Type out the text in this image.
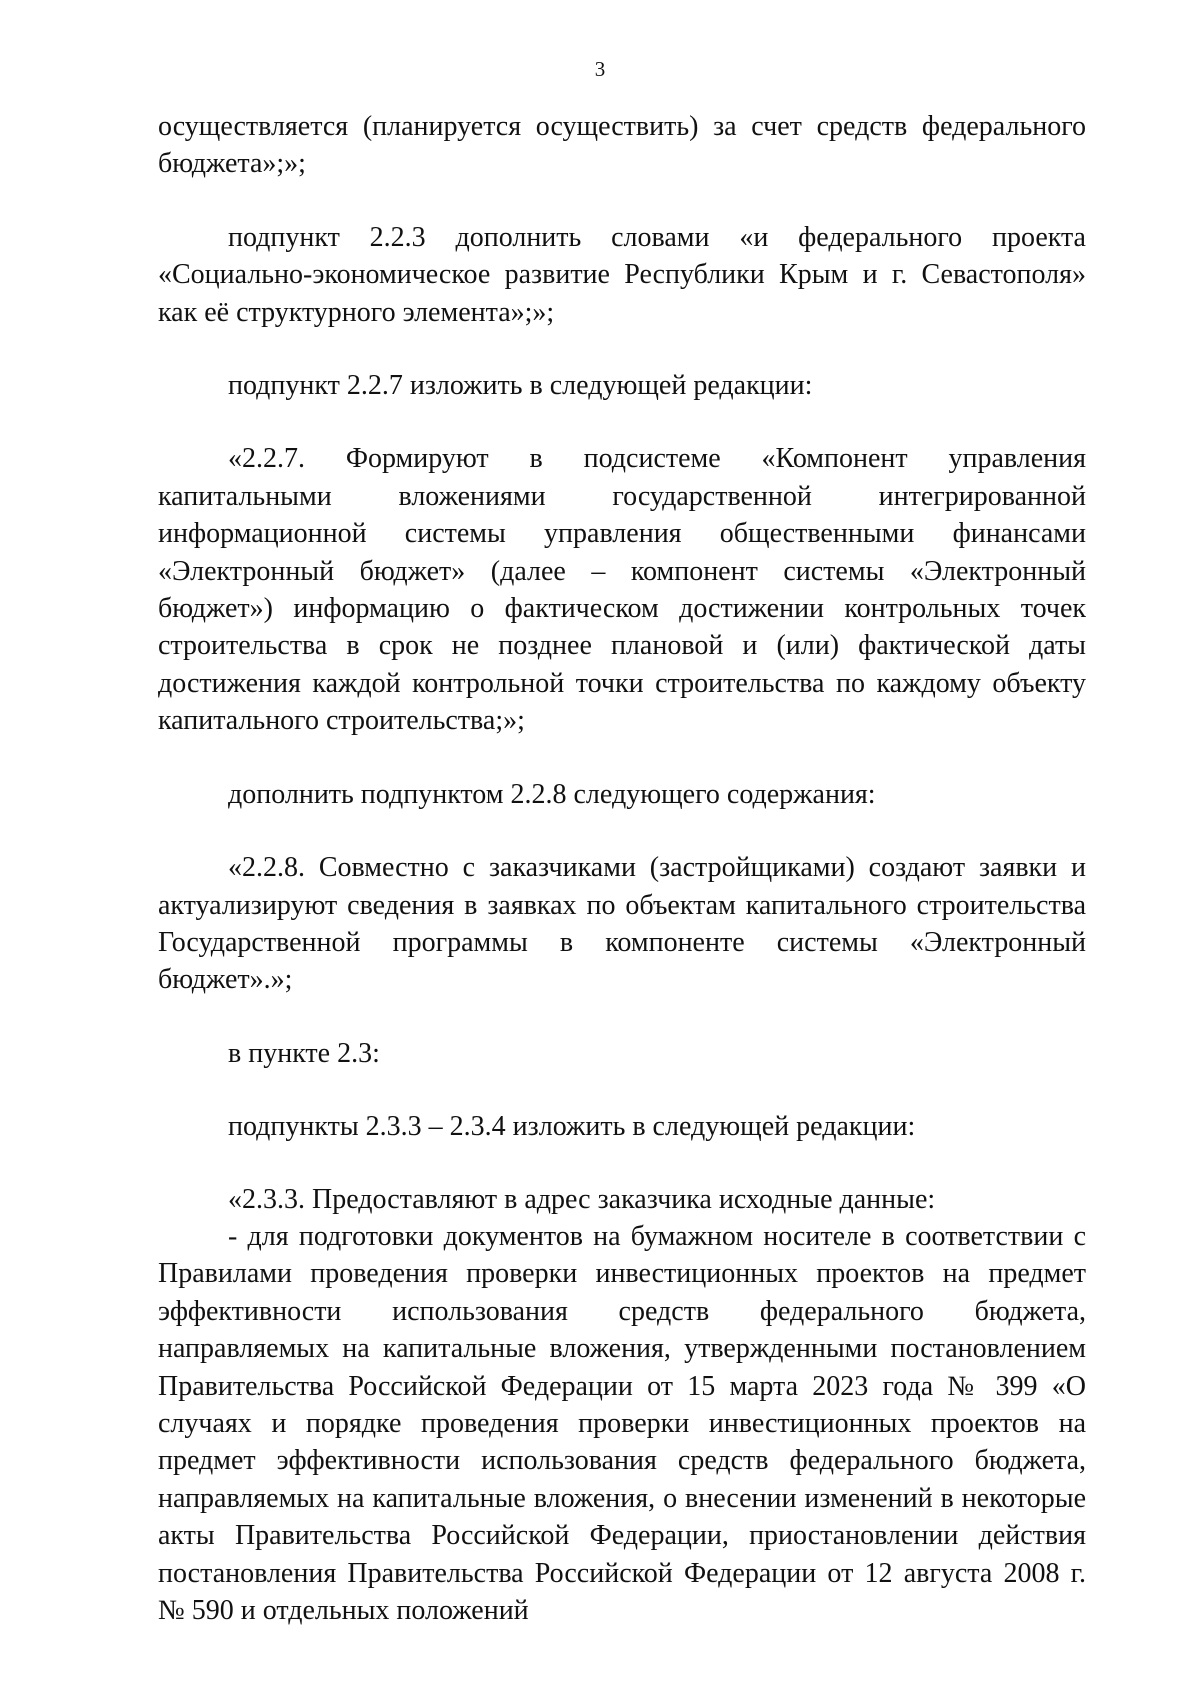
3

осуществляется (планируется осуществить) за счет средств федерального бюджета»;»;

подпункт 2.2.3 дополнить словами «и федерального проекта «Социально-экономическое развитие Республики Крым и г. Севастополя» как её структурного элемента»;»;

подпункт 2.2.7 изложить в следующей редакции:

«2.2.7. Формируют в подсистеме «Компонент управления капитальными вложениями государственной интегрированной информационной системы управления общественными финансами «Электронный бюджет» (далее – компонент системы «Электронный бюджет») информацию о фактическом достижении контрольных точек строительства в срок не позднее плановой и (или) фактической даты достижения каждой контрольной точки строительства по каждому объекту капитального строительства;»;

дополнить подпунктом 2.2.8 следующего содержания:

«2.2.8. Совместно с заказчиками (застройщиками) создают заявки и актуализируют сведения в заявках по объектам капитального строительства Государственной программы в компоненте системы «Электронный бюджет».»;

в пункте 2.3:

подпункты 2.3.3 – 2.3.4 изложить в следующей редакции:

«2.3.3. Предоставляют в адрес заказчика исходные данные:

- для подготовки документов на бумажном носителе в соответствии с Правилами проведения проверки инвестиционных проектов на предмет эффективности использования средств федерального бюджета, направляемых на капитальные вложения, утвержденными постановлением Правительства Российской Федерации от 15 марта 2023 года № 399 «О случаях и порядке проведения проверки инвестиционных проектов на предмет эффективности использования средств федерального бюджета, направляемых на капитальные вложения, о внесении изменений в некоторые акты Правительства Российской Федерации, приостановлении действия постановления Правительства Российской Федерации от 12 августа 2008 г. № 590 и отдельных положений
